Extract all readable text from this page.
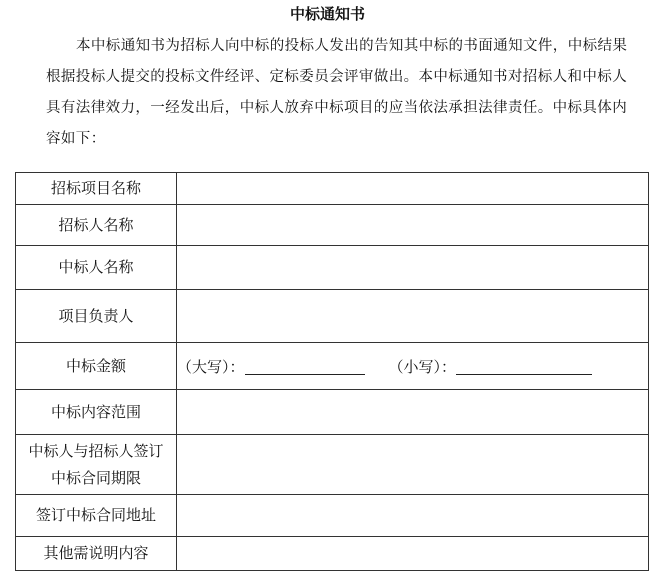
中标通知书

本中标通知书为招标人向中标的投标人发出的告知其中标的书面通知文件，中标结果根据投标人提交的投标文件经评、定标委员会评审做出。本中标通知书对招标人和中标人具有法律效力，一经发出后，中标人放弃中标项目的应当依法承担法律责任。中标具体内容如下：

招标项目名称	
招标人名称	
中标人名称	
项目负责人	
中标金额	（大写）： （小写）：

中标内容范围	

中标人与招标人签订
中标合同期限	

签订中标合同地址	
其他需说明内容	
